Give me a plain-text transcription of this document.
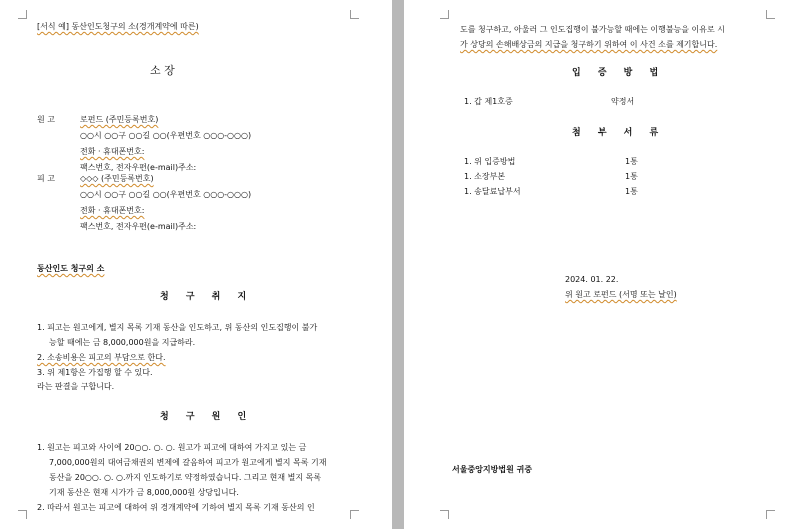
[서식 예] 동산인도청구의 소(경개계약에 따른)
소 장
원 고	로펀드 (주민등록번호)
○○시 ○○구 ○○길 ○○(우편번호 ○○○-○○○)
전화 · 휴대폰번호:
팩스번호, 전자우편(e-mail)주소:
피 고	◇◇◇ (주민등록번호)
○○시 ○○구 ○○길 ○○(우편번호 ○○○-○○○)
전화 · 휴대폰번호:
팩스번호, 전자우편(e-mail)주소:
동산인도 청구의 소
청 구 취 지
1. 피고는 원고에게, 별지 목록 기재 동산을 인도하고, 위 동산의 인도집행이 불가
능할 때에는 금 8,000,000원을 지급하라.
2. 소송비용은 피고의 부담으로 한다.
3. 위 제1항은 가집행 할 수 있다.
라는 판결을 구합니다.
청 구 원 인
1. 원고는 피고와 사이에 20○○. ○. ○. 원고가 피고에 대하여 가지고 있는 금
7,000,000원의 대여금채권의 변제에 갈음하여 피고가 원고에게 별지 목록 기재
동산을 20○○. ○. ○.까지 인도하기로 약정하였습니다. 그리고 현재 별지 목록
기재 동산은 현재 시가가 금 8,000,000원 상당입니다.
2. 따라서 원고는 피고에 대하여 위 경개계약에 기하여 별지 목록 기재 동산의 인
도를 청구하고, 아울러 그 인도집행이 불가능할 때에는 이행불능을 이유로 시
가 상당의 손해배상금의 지급을 청구하기 위하여 이 사건 소를 제기합니다.
입 증 방 법
1. 갑 제1호증	약정서
첨 부 서 류
1. 위 입증방법	1통
1. 소장부본	1통
1. 송달료납부서	1통
2024. 01. 22.
위 원고 로펀드 (서명 또는 날인)
서울중앙지방법원 귀중
